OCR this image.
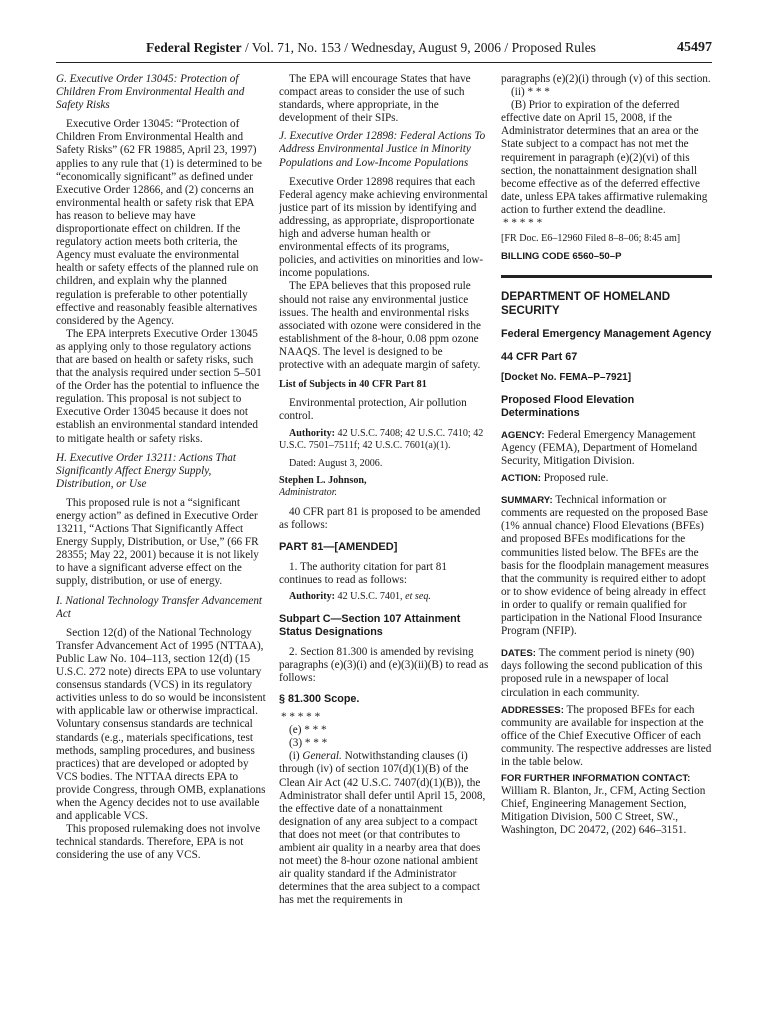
Federal Register / Vol. 71, No. 153 / Wednesday, August 9, 2006 / Proposed Rules	45497

G. Executive Order 13045: Protection of Children From Environmental Health and Safety Risks

Executive Order 13045: “Protection of Children From Environmental Health and Safety Risks” (62 FR 19885, April 23, 1997) applies to any rule that (1) is determined to be “economically significant” as defined under Executive Order 12866, and (2) concerns an environmental health or safety risk that EPA has reason to believe may have disproportionate effect on children. If the regulatory action meets both criteria, the Agency must evaluate the environmental health or safety effects of the planned rule on children, and explain why the planned regulation is preferable to other potentially effective and reasonably feasible alternatives considered by the Agency.

The EPA interprets Executive Order 13045 as applying only to those regulatory actions that are based on health or safety risks, such that the analysis required under section 5–501 of the Order has the potential to influence the regulation. This proposal is not subject to Executive Order 13045 because it does not establish an environmental standard intended to mitigate health or safety risks.

H. Executive Order 13211: Actions That Significantly Affect Energy Supply, Distribution, or Use

This proposed rule is not a “significant energy action” as defined in Executive Order 13211, “Actions That Significantly Affect Energy Supply, Distribution, or Use,” (66 FR 28355; May 22, 2001) because it is not likely to have a significant adverse effect on the supply, distribution, or use of energy.

I. National Technology Transfer Advancement Act

Section 12(d) of the National Technology Transfer Advancement Act of 1995 (NTTAA), Public Law No. 104–113, section 12(d) (15 U.S.C. 272 note) directs EPA to use voluntary consensus standards (VCS) in its regulatory activities unless to do so would be inconsistent with applicable law or otherwise impractical. Voluntary consensus standards are technical standards (e.g., materials specifications, test methods, sampling procedures, and business practices) that are developed or adopted by VCS bodies. The NTTAA directs EPA to provide Congress, through OMB, explanations when the Agency decides not to use available and applicable VCS.

This proposed rulemaking does not involve technical standards. Therefore, EPA is not considering the use of any VCS.

The EPA will encourage States that have compact areas to consider the use of such standards, where appropriate, in the development of their SIPs.

J. Executive Order 12898: Federal Actions To Address Environmental Justice in Minority Populations and Low-Income Populations

Executive Order 12898 requires that each Federal agency make achieving environmental justice part of its mission by identifying and addressing, as appropriate, disproportionate high and adverse human health or environmental effects of its programs, policies, and activities on minorities and low-income populations.

The EPA believes that this proposed rule should not raise any environmental justice issues. The health and environmental risks associated with ozone were considered in the establishment of the 8-hour, 0.08 ppm ozone NAAQS. The level is designed to be protective with an adequate margin of safety.

List of Subjects in 40 CFR Part 81

Environmental protection, Air pollution control.

Authority: 42 U.S.C. 7408; 42 U.S.C. 7410; 42 U.S.C. 7501–7511f; 42 U.S.C. 7601(a)(1).

Dated: August 3, 2006.

Stephen L. Johnson,

Administrator.

40 CFR part 81 is proposed to be amended as follows:

PART 81—[AMENDED]

1. The authority citation for part 81 continues to read as follows:

Authority: 42 U.S.C. 7401, et seq.

Subpart C—Section 107 Attainment Status Designations

2. Section 81.300 is amended by revising paragraphs (e)(3)(i) and (e)(3)(ii)(B) to read as follows:

§ 81.300 Scope.

* * * * *

(e) * * *

(3) * * *

(i) General. Notwithstanding clauses (i) through (iv) of section 107(d)(1)(B) of the Clean Air Act (42 U.S.C. 7407(d)(1)(B)), the Administrator shall defer until April 15, 2008, the effective date of a nonattainment designation of any area subject to a compact that does not meet (or that contributes to ambient air quality in a nearby area that does not meet) the 8-hour ozone national ambient air quality standard if the Administrator determines that the area subject to a compact has met the requirements in

paragraphs (e)(2)(i) through (v) of this section.

(ii) * * *

(B) Prior to expiration of the deferred effective date on April 15, 2008, if the Administrator determines that an area or the State subject to a compact has not met the requirement in paragraph (e)(2)(vi) of this section, the nonattainment designation shall become effective as of the deferred effective date, unless EPA takes affirmative rulemaking action to further extend the deadline.

* * * * *

[FR Doc. E6–12960 Filed 8–8–06; 8:45 am]

BILLING CODE 6560–50–P

DEPARTMENT OF HOMELAND SECURITY

Federal Emergency Management Agency

44 CFR Part 67

[Docket No. FEMA–P–7921]

Proposed Flood Elevation Determinations

AGENCY: Federal Emergency Management Agency (FEMA), Department of Homeland Security, Mitigation Division.

ACTION: Proposed rule.

SUMMARY: Technical information or comments are requested on the proposed Base (1% annual chance) Flood Elevations (BFEs) and proposed BFEs modifications for the communities listed below. The BFEs are the basis for the floodplain management measures that the community is required either to adopt or to show evidence of being already in effect in order to qualify or remain qualified for participation in the National Flood Insurance Program (NFIP).

DATES: The comment period is ninety (90) days following the second publication of this proposed rule in a newspaper of local circulation in each community.

ADDRESSES: The proposed BFEs for each community are available for inspection at the office of the Chief Executive Officer of each community. The respective addresses are listed in the table below.

FOR FURTHER INFORMATION CONTACT:

William R. Blanton, Jr., CFM, Acting Section Chief, Engineering Management Section, Mitigation Division, 500 C Street, SW., Washington, DC 20472, (202) 646–3151.
